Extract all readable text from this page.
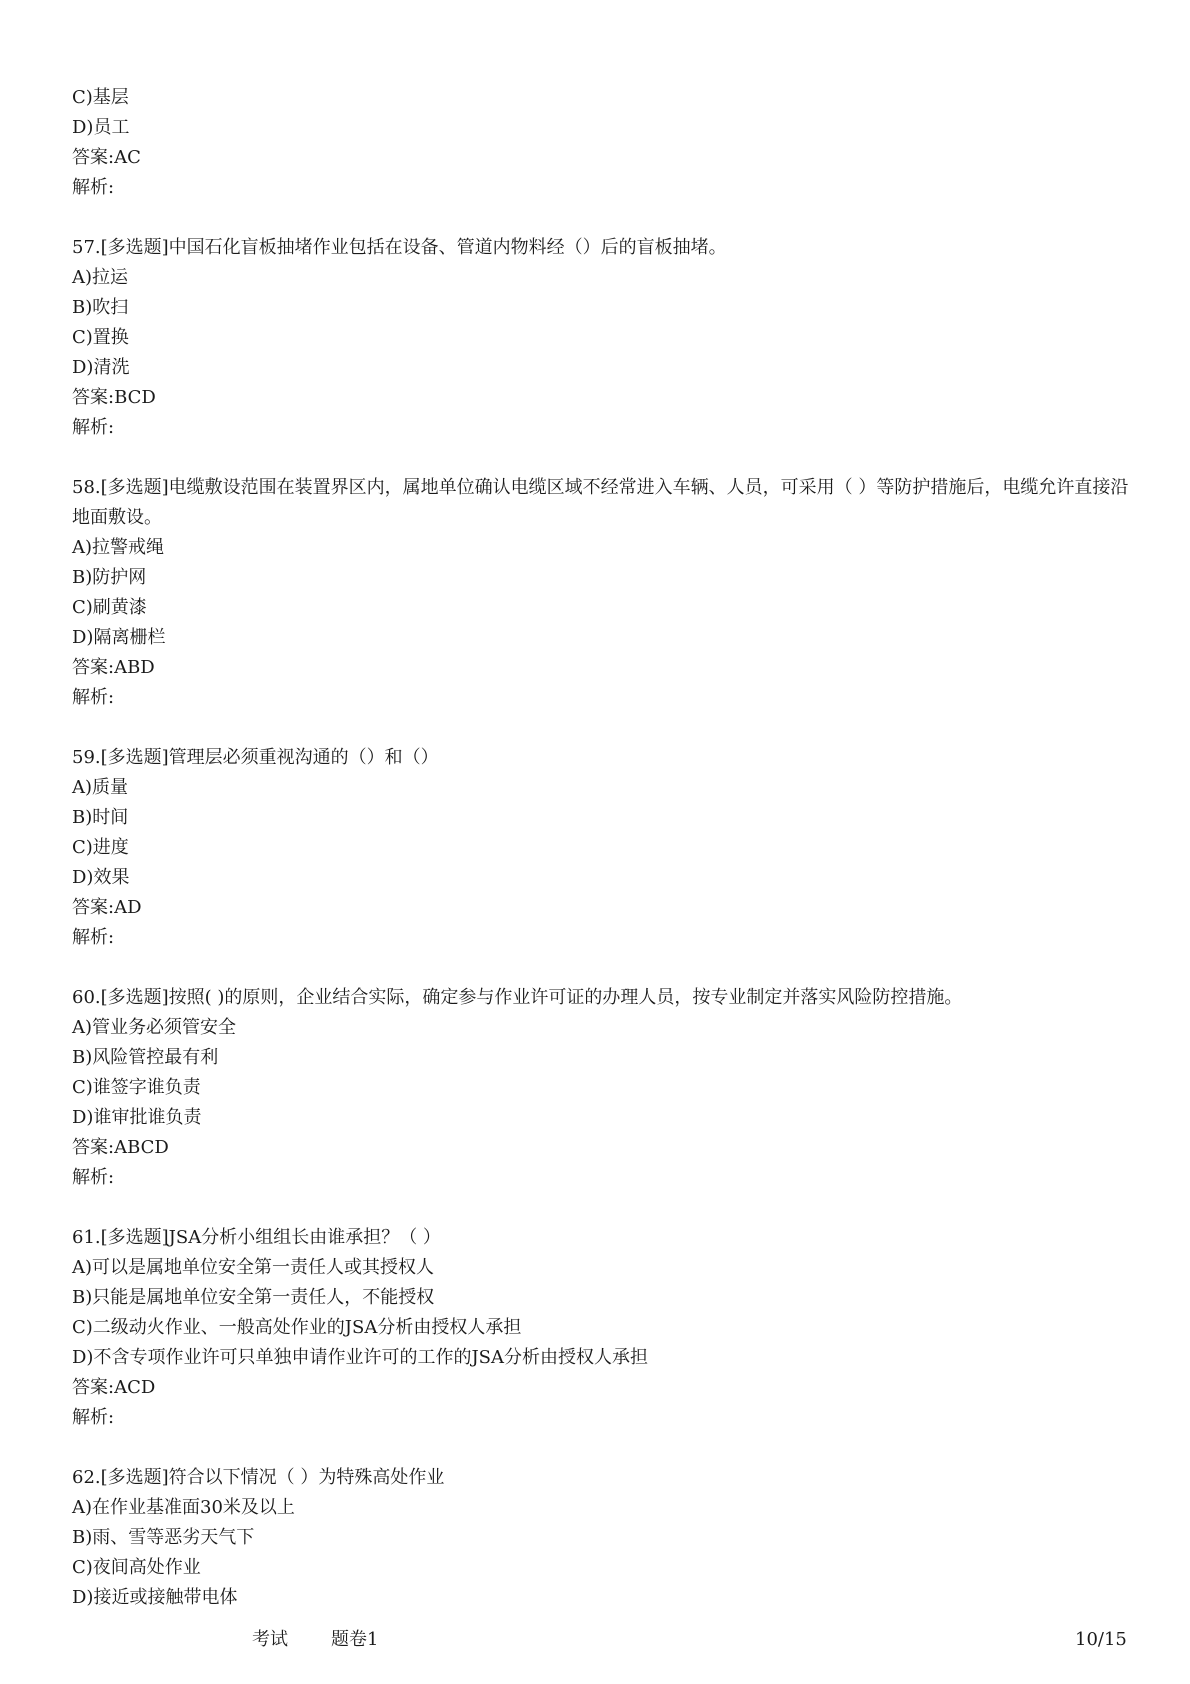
C)基层
D)员工
答案:AC
解析:
57.[多选题]中国石化盲板抽堵作业包括在设备、管道内物料经（）后的盲板抽堵。
A)拉运
B)吹扫
C)置换
D)清洗
答案:BCD
解析:
58.[多选题]电缆敷设范围在装置界区内，属地单位确认电缆区域不经常进入车辆、人员，可采用（ ）等防护措施后，电缆允许直接沿地面敷设。
A)拉警戒绳
B)防护网
C)刷黄漆
D)隔离栅栏
答案:ABD
解析:
59.[多选题]管理层必须重视沟通的（）和（）
A)质量
B)时间
C)进度
D)效果
答案:AD
解析:
60.[多选题]按照( )的原则，企业结合实际，确定参与作业许可证的办理人员，按专业制定并落实风险防控措施。
A)管业务必须管安全
B)风险管控最有利
C)谁签字谁负责
D)谁审批谁负责
答案:ABCD
解析:
61.[多选题]JSA分析小组组长由谁承担？（ ）
A)可以是属地单位安全第一责任人或其授权人
B)只能是属地单位安全第一责任人，不能授权
C)二级动火作业、一般高处作业的JSA分析由授权人承担
D)不含专项作业许可只单独申请作业许可的工作的JSA分析由授权人承担
答案:ACD
解析:
62.[多选题]符合以下情况（ ）为特殊高处作业
A)在作业基准面30米及以上
B)雨、雪等恶劣天气下
C)夜间高处作业
D)接近或接触带电体
考试 题卷1	10/15
